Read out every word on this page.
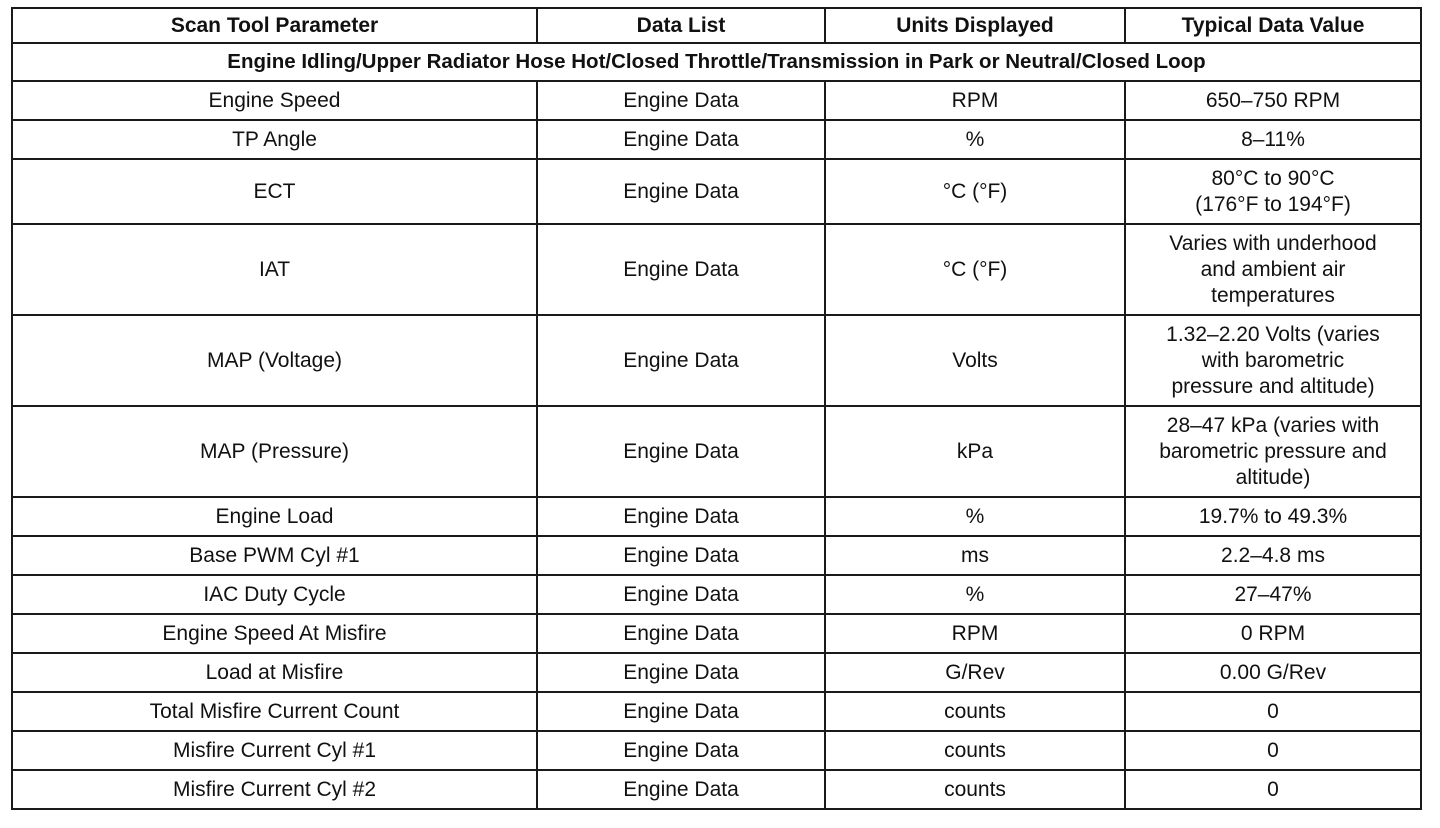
Scan Tool Parameter	Data List	Units Displayed	Typical Data Value
Engine Idling/Upper Radiator Hose Hot/Closed Throttle/Transmission in Park or Neutral/Closed Loop			
Engine Speed	Engine Data	RPM	650–750 RPM
TP Angle	Engine Data	%	8–11%
ECT	Engine Data	°C (°F)	80°C to 90°C
(176°F to 194°F)
IAT	Engine Data	°C (°F)	Varies with underhood
and ambient air
temperatures
MAP (Voltage)	Engine Data	Volts	1.32–2.20 Volts (varies
with barometric
pressure and altitude)
MAP (Pressure)	Engine Data	kPa	28–47 kPa (varies with
barometric pressure and
altitude)
Engine Load	Engine Data	%	19.7% to 49.3%
Base PWM Cyl #1	Engine Data	ms	2.2–4.8 ms
IAC Duty Cycle	Engine Data	%	27–47%
Engine Speed At Misfire	Engine Data	RPM	0 RPM
Load at Misfire	Engine Data	G/Rev	0.00 G/Rev
Total Misfire Current Count	Engine Data	counts	0
Misfire Current Cyl #1	Engine Data	counts	0
Misfire Current Cyl #2	Engine Data	counts	0
